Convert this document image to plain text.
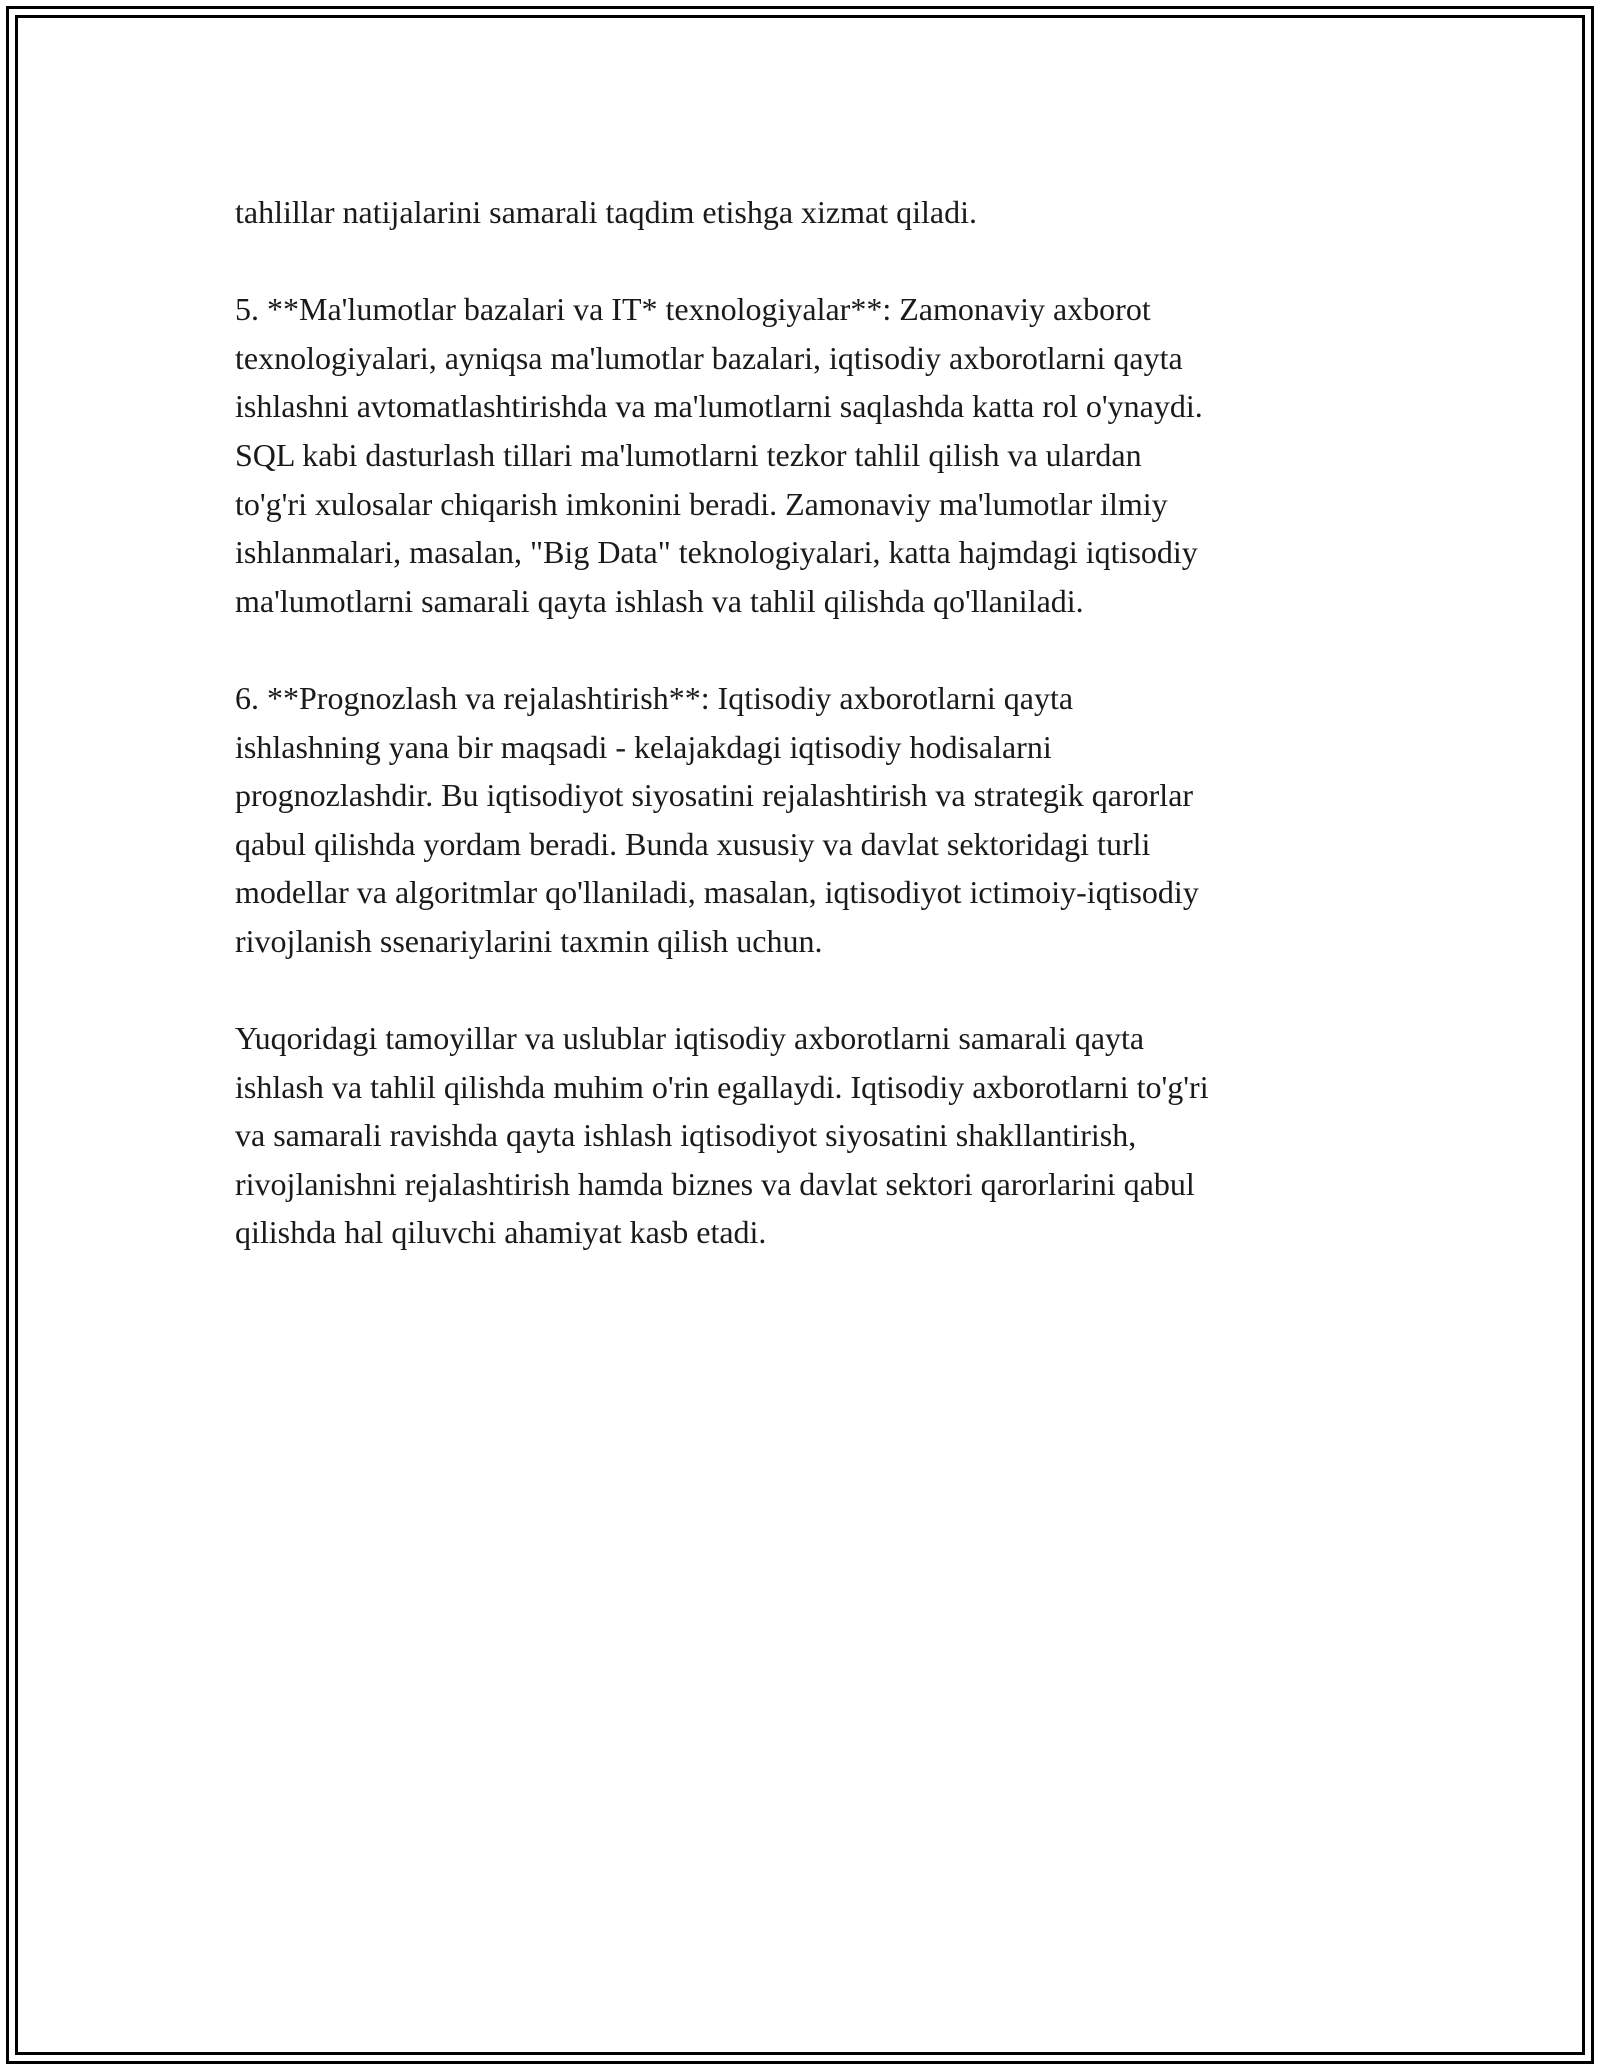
tahlillar natijalarini samarali taqdim etishga xizmat qiladi.

5. **Ma'lumotlar bazalari va IT* texnologiyalar**: Zamonaviy axborot
texnologiyalari, ayniqsa ma'lumotlar bazalari, iqtisodiy axborotlarni qayta
ishlashni avtomatlashtirishda va ma'lumotlarni saqlashda katta rol o'ynaydi.
SQL kabi dasturlash tillari ma'lumotlarni tezkor tahlil qilish va ulardan
to'g'ri xulosalar chiqarish imkonini beradi. Zamonaviy ma'lumotlar ilmiy
ishlanmalari, masalan, "Big Data" teknologiyalari, katta hajmdagi iqtisodiy
ma'lumotlarni samarali qayta ishlash va tahlil qilishda qo'llaniladi.

6. **Prognozlash va rejalashtirish**: Iqtisodiy axborotlarni qayta
ishlashning yana bir maqsadi - kelajakdagi iqtisodiy hodisalarni
prognozlashdir. Bu iqtisodiyot siyosatini rejalashtirish va strategik qarorlar
qabul qilishda yordam beradi. Bunda xususiy va davlat sektoridagi turli
modellar va algoritmlar qo'llaniladi, masalan, iqtisodiyot ictimoiy-iqtisodiy
rivojlanish ssenariylarini taxmin qilish uchun.

Yuqoridagi tamoyillar va uslublar iqtisodiy axborotlarni samarali qayta
ishlash va tahlil qilishda muhim o'rin egallaydi. Iqtisodiy axborotlarni to'g'ri
va samarali ravishda qayta ishlash iqtisodiyot siyosatini shakllantirish,
rivojlanishni rejalashtirish hamda biznes va davlat sektori qarorlarini qabul
qilishda hal qiluvchi ahamiyat kasb etadi.
